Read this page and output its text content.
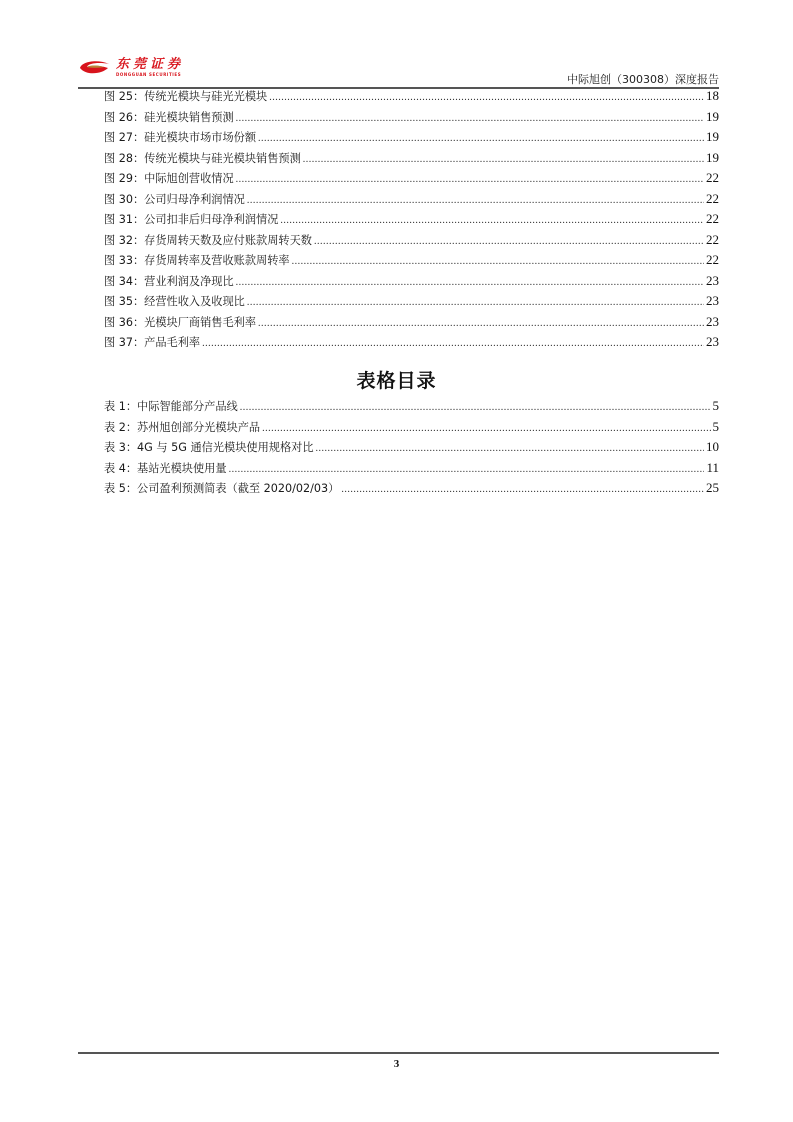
东莞证券
DONGGUAN SECURITIES	中际旭创（300308）深度报告
图 25：传统光模块与硅光光模块 .....	18
图 26：硅光模块销售预测 .....	19
图 27：硅光模块市场市场份额 .....	19
图 28：传统光模块与硅光模块销售预测 .....	19
图 29：中际旭创营收情况 .....	22
图 30：公司归母净利润情况 .....	22
图 31：公司扣非后归母净利润情况 .....	22
图 32：存货周转天数及应付账款周转天数 .....	22
图 33：存货周转率及营收账款周转率 .....	22
图 34：营业利润及净现比 .....	23
图 35：经营性收入及收现比 .....	23
图 36：光模块厂商销售毛利率 .....	23
图 37：产品毛利率 .....	23
表格目录
表 1：中际智能部分产品线 .....	5
表 2：苏州旭创部分光模块产品 .....	5
表 3：4G 与 5G 通信光模块使用规格对比 .....	10
表 4：基站光模块使用量 .....	11
表 5：公司盈利预测简表（截至 2020/02/03） .....	25
3
